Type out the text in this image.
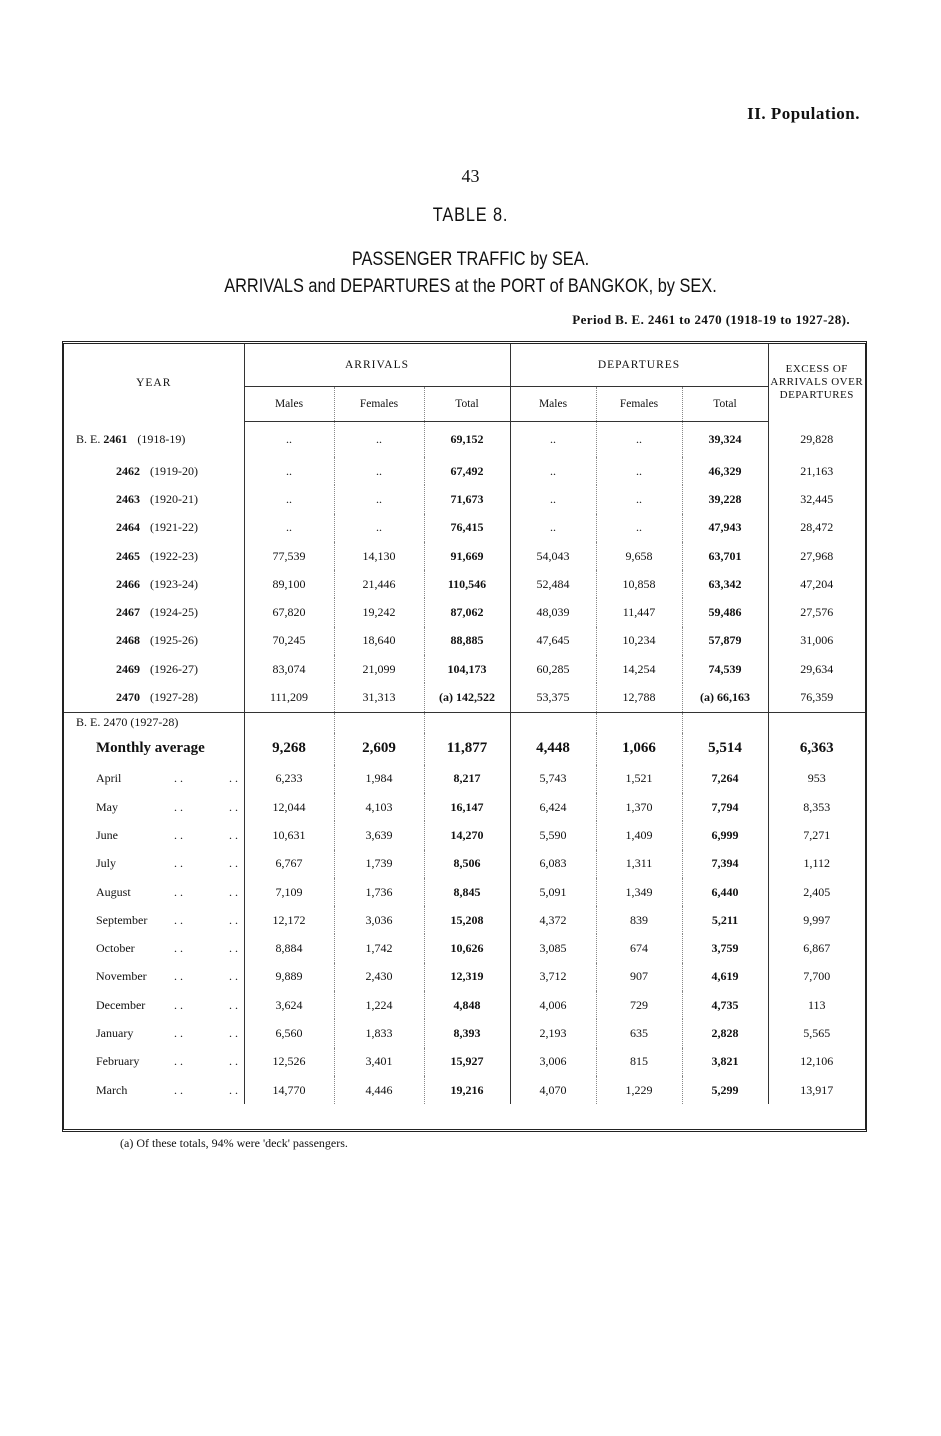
II. Population.
43
TABLE 8.
PASSENGER TRAFFIC by SEA.
ARRIVALS and DEPARTURES at the PORT of BANGKOK, by SEX.
Period B. E. 2461 to 2470 (1918-19 to 1927-28).
YEAR	ARRIVALS			DEPARTURES			EXCESS OF ARRIVALS OVER DEPARTURES
	Males	Females	Total	Males	Females	Total	
B. E. 2461 (1918-19)	..	..	69,152	..	..	39,324	29,828
2462 (1919-20)	..	..	67,492	..	..	46,329	21,163
2463 (1920-21)	..	..	71,673	..	..	39,228	32,445
2464 (1921-22)	..	..	76,415	..	..	47,943	28,472
2465 (1922-23)	77,539	14,130	91,669	54,043	9,658	63,701	27,968
2466 (1923-24)	89,100	21,446	110,546	52,484	10,858	63,342	47,204
2467 (1924-25)	67,820	19,242	87,062	48,039	11,447	59,486	27,576
2468 (1925-26)	70,245	18,640	88,885	47,645	10,234	57,879	31,006
2469 (1926-27)	83,074	21,099	104,173	60,285	14,254	74,539	29,634
2470 (1927-28)	111,209	31,313	(a) 142,522	53,375	12,788	(a) 66,163	76,359
B. E. 2470 (1927-28)							
Monthly average	9,268	2,609	11,877	4,448	1,066	5,514	6,363
April .. ..	6,233	1,984	8,217	5,743	1,521	7,264	953
May .. ..	12,044	4,103	16,147	6,424	1,370	7,794	8,353
June .. ..	10,631	3,639	14,270	5,590	1,409	6,999	7,271
July .. ..	6,767	1,739	8,506	6,083	1,311	7,394	1,112
August .. ..	7,109	1,736	8,845	5,091	1,349	6,440	2,405
September .. ..	12,172	3,036	15,208	4,372	839	5,211	9,997
October .. ..	8,884	1,742	10,626	3,085	674	3,759	6,867
November .. ..	9,889	2,430	12,319	3,712	907	4,619	7,700
December .. ..	3,624	1,224	4,848	4,006	729	4,735	113
January .. ..	6,560	1,833	8,393	2,193	635	2,828	5,565
February .. ..	12,526	3,401	15,927	3,006	815	3,821	12,106
March .. ..	14,770	4,446	19,216	4,070	1,229	5,299	13,917
(a) Of these totals, 94% were 'deck' passengers.
